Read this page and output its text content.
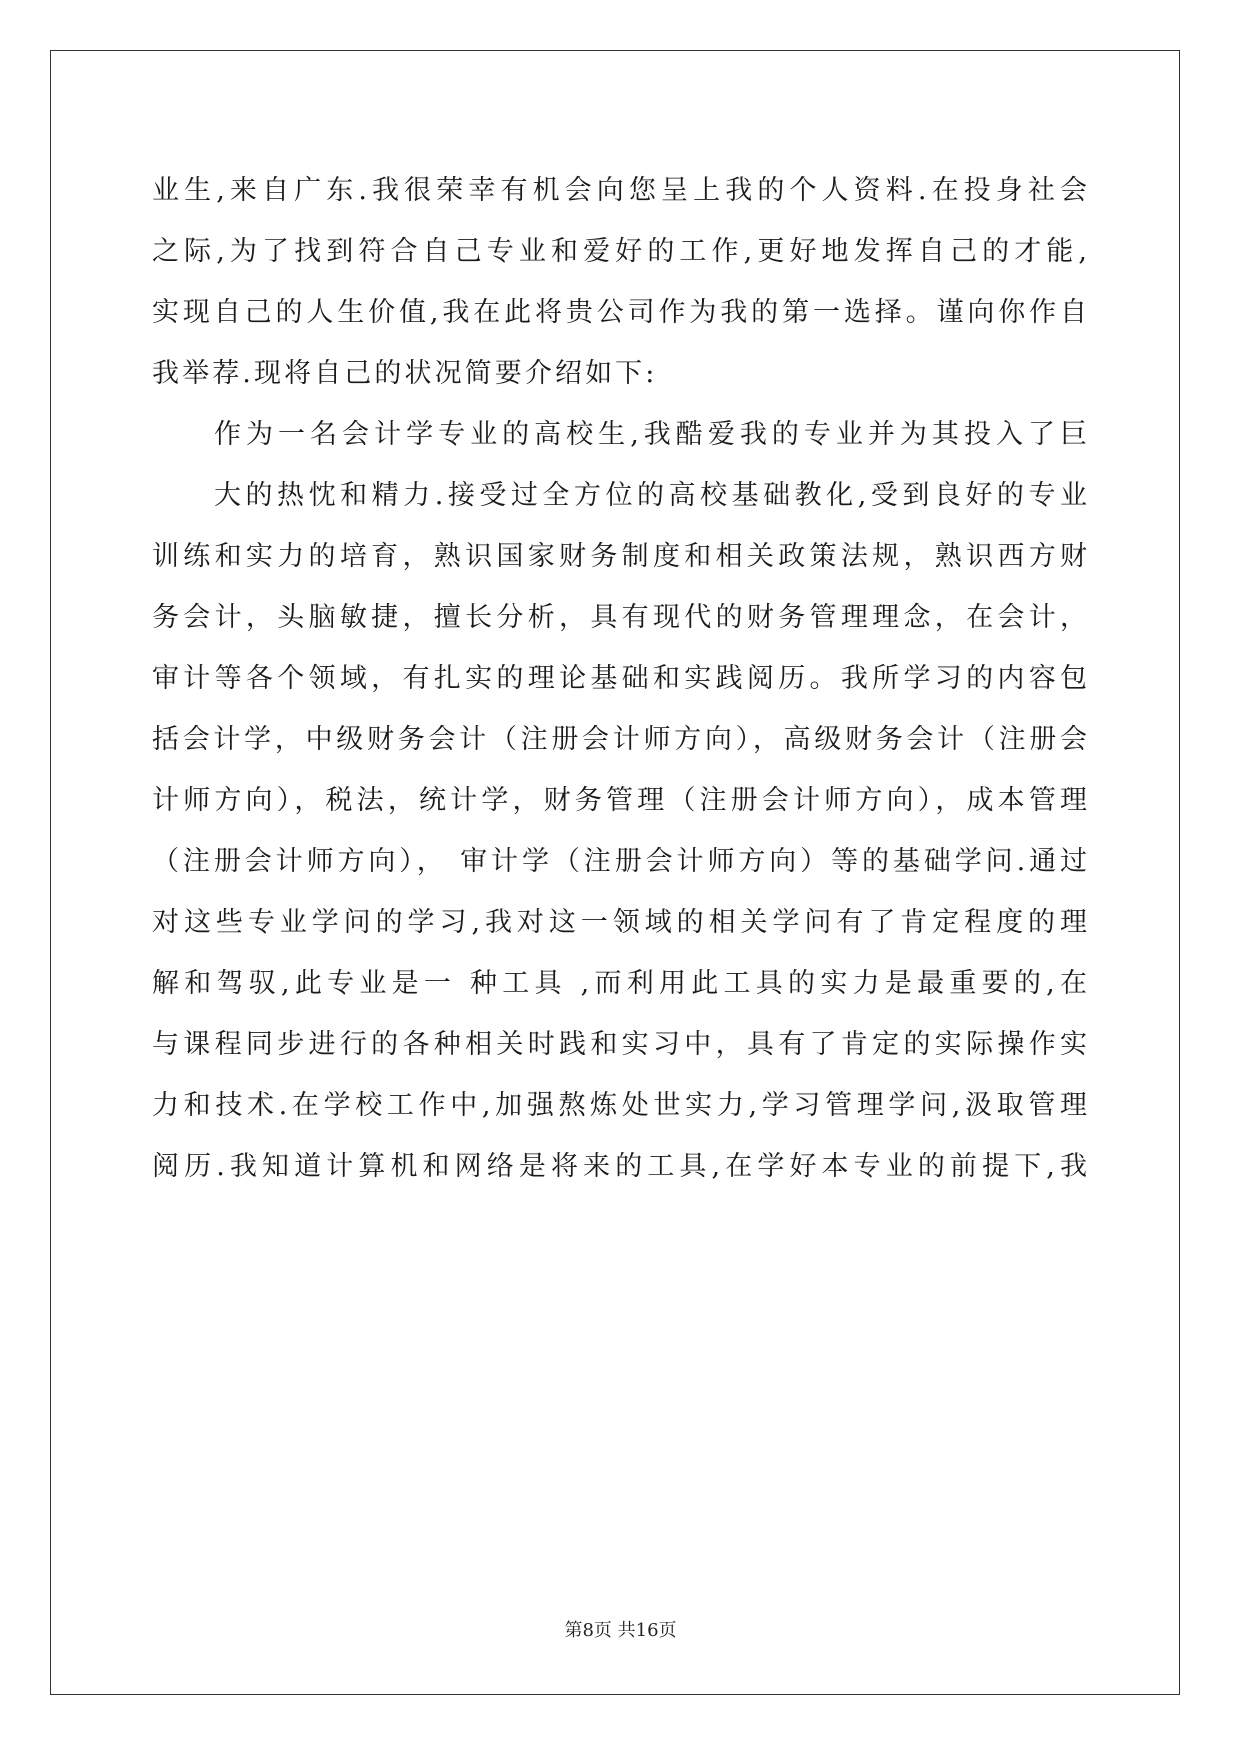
业生,来自广东.我很荣幸有机会向您呈上我的个人资料.在投身社会
之际,为了找到符合自己专业和爱好的工作,更好地发挥自己的才能,
实现自己的人生价值,我在此将贵公司作为我的第一选择。谨向你作自
我举荐.现将自己的状况简要介绍如下:
作为一名会计学专业的高校生,我酷爱我的专业并为其投入了巨
大的热忱和精力.接受过全方位的高校基础教化,受到良好的专业
训练和实力的培育，熟识国家财务制度和相关政策法规，熟识西方财
务会计，头脑敏捷，擅长分析，具有现代的财务管理理念，在会计，
审计等各个领域，有扎实的理论基础和实践阅历。我所学习的内容包
括会计学，中级财务会计（注册会计师方向），高级财务会计（注册会
计师方向），税法，统计学，财务管理（注册会计师方向），成本管理
（注册会计师方向）， 审计学（注册会计师方向）等的基础学问.通过
对这些专业学问的学习,我对这一领域的相关学问有了肯定程度的理
解和驾驭,此专业是一 种工具 ,而利用此工具的实力是最重要的,在
与课程同步进行的各种相关时践和实习中，具有了肯定的实际操作实
力和技术.在学校工作中,加强熬炼处世实力,学习管理学问,汲取管理
阅历.我知道计算机和网络是将来的工具,在学好本专业的前提下,我
第8页 共16页
